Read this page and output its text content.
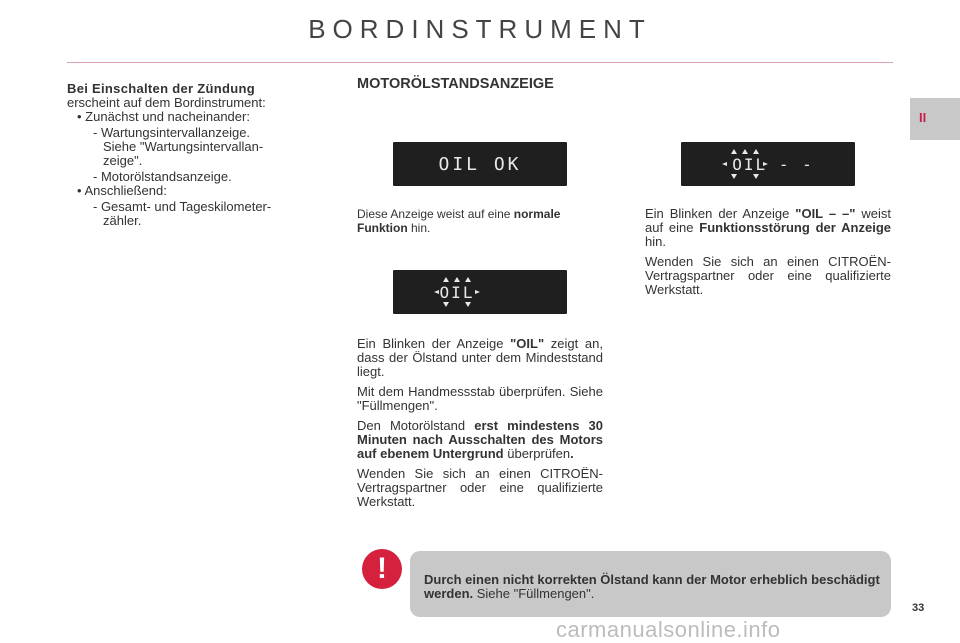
BORDINSTRUMENT
II
Bei Einschalten der Zündung
erscheint auf dem Bordinstrument:
• Zunächst und nacheinander:
- Wartungsintervallanzeige.
Siehe "Wartungsintervallan-
zeige".
- Motorölstandsanzeige.
• Anschließend:
- Gesamt- und Tageskilometer-
zähler.
MOTORÖLSTANDSANZEIGE
OIL OK
OIL
OIL - -

Diese Anzeige weist auf eine normale
Funktion hin.

Ein Blinken der Anzeige "OIL" zeigt an, dass der Ölstand unter dem Mindeststand liegt.

Mit dem Handmessstab überprüfen. Siehe "Füllmengen".

Den Motorölstand erst mindestens 30 Minuten nach Ausschalten des Motors auf ebenem Untergrund überprüfen.

Wenden Sie sich an einen CITROËN-Vertragspartner oder eine qualifizierte Werkstatt.

Ein Blinken der Anzeige "OIL – –" weist auf eine Funktionsstörung der Anzeige hin.

Wenden Sie sich an einen CITROËN-Vertragspartner oder eine qualifizierte Werkstatt.

!	Durch einen nicht korrekten Ölstand kann der Motor erheblich beschädigt werden. Siehe "Füllmengen".
33
carmanualsonline.info
